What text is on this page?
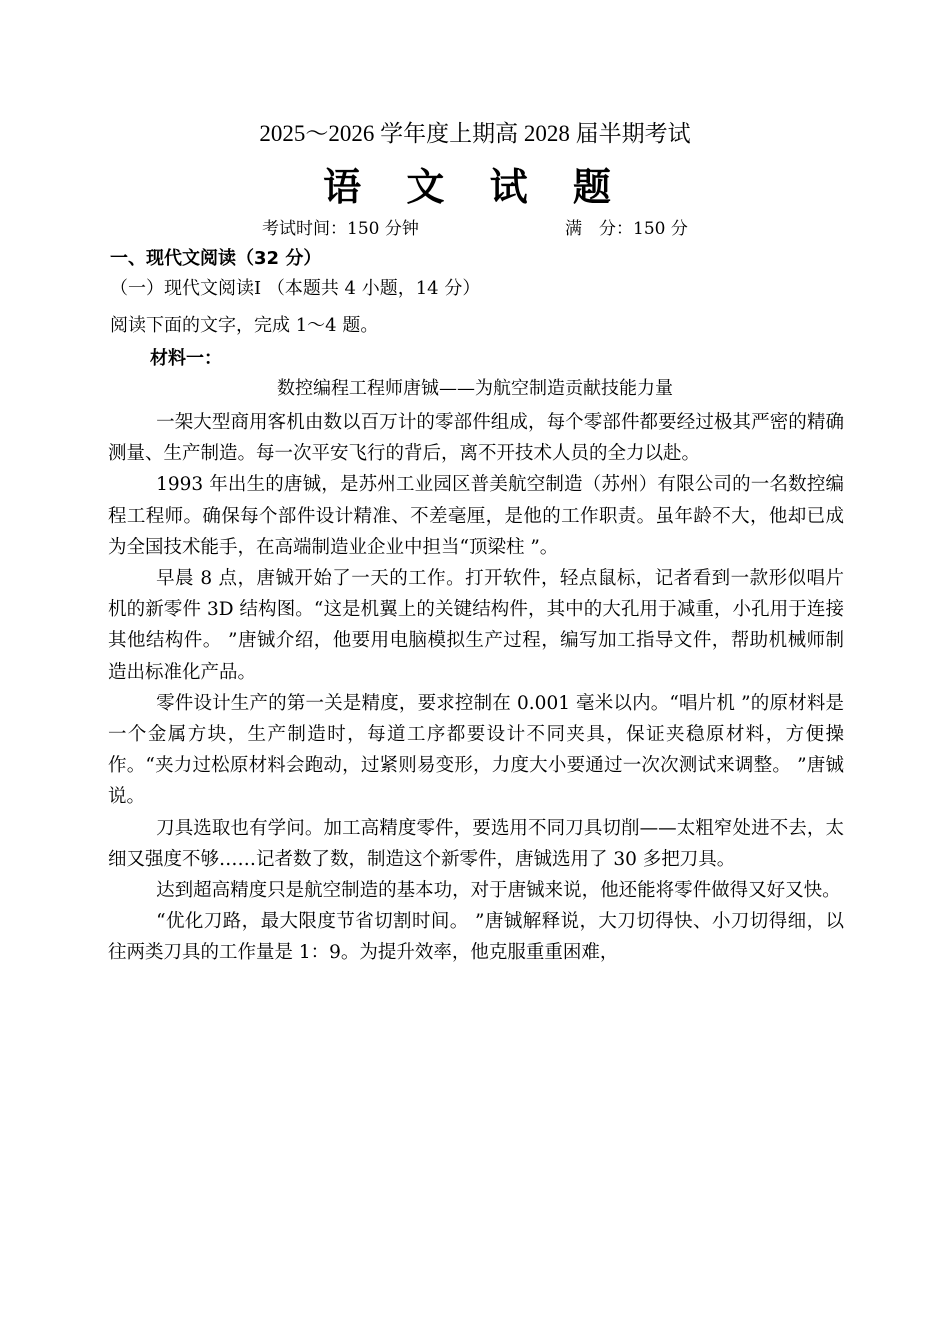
2025～2026 学年度上期高 2028 届半期考试
语 文 试 题
考试时间：150 分钟	满　分：150 分
一、现代文阅读（32 分）
（一）现代文阅读Ⅰ （本题共 4 小题，14 分）
阅读下面的文字，完成 1～4 题。
材料一：
数控编程工程师唐铖——为航空制造贡献技能力量
一架大型商用客机由数以百万计的零部件组成，每个零部件都要经过极其严密的精确测量、生产制造。每一次平安飞行的背后，离不开技术人员的全力以赴。
1993 年出生的唐铖，是苏州工业园区普美航空制造（苏州）有限公司的一名数控编程工程师。确保每个部件设计精准、不差毫厘，是他的工作职责。虽年龄不大，他却已成为全国技术能手，在高端制造业企业中担当“顶梁柱 ”。
早晨 8 点，唐铖开始了一天的工作。打开软件，轻点鼠标，记者看到一款形似唱片机的新零件 3D 结构图。“这是机翼上的关键结构件，其中的大孔用于减重，小孔用于连接其他结构件。 ”唐铖介绍，他要用电脑模拟生产过程，编写加工指导文件，帮助机械师制造出标准化产品。
零件设计生产的第一关是精度，要求控制在 0.001 毫米以内。“唱片机 ”的原材料是一个金属方块，生产制造时，每道工序都要设计不同夹具，保证夹稳原材料，方便操作。“夹力过松原材料会跑动，过紧则易变形，力度大小要通过一次次测试来调整。 ”唐铖说。
刀具选取也有学问。加工高精度零件，要选用不同刀具切削——太粗窄处进不去，太细又强度不够……记者数了数，制造这个新零件，唐铖选用了 30 多把刀具。
达到超高精度只是航空制造的基本功，对于唐铖来说，他还能将零件做得又好又快。
“优化刀路，最大限度节省切割时间。 ”唐铖解释说，大刀切得快、小刀切得细，以往两类刀具的工作量是 1：9。为提升效率，他克服重重困难，
